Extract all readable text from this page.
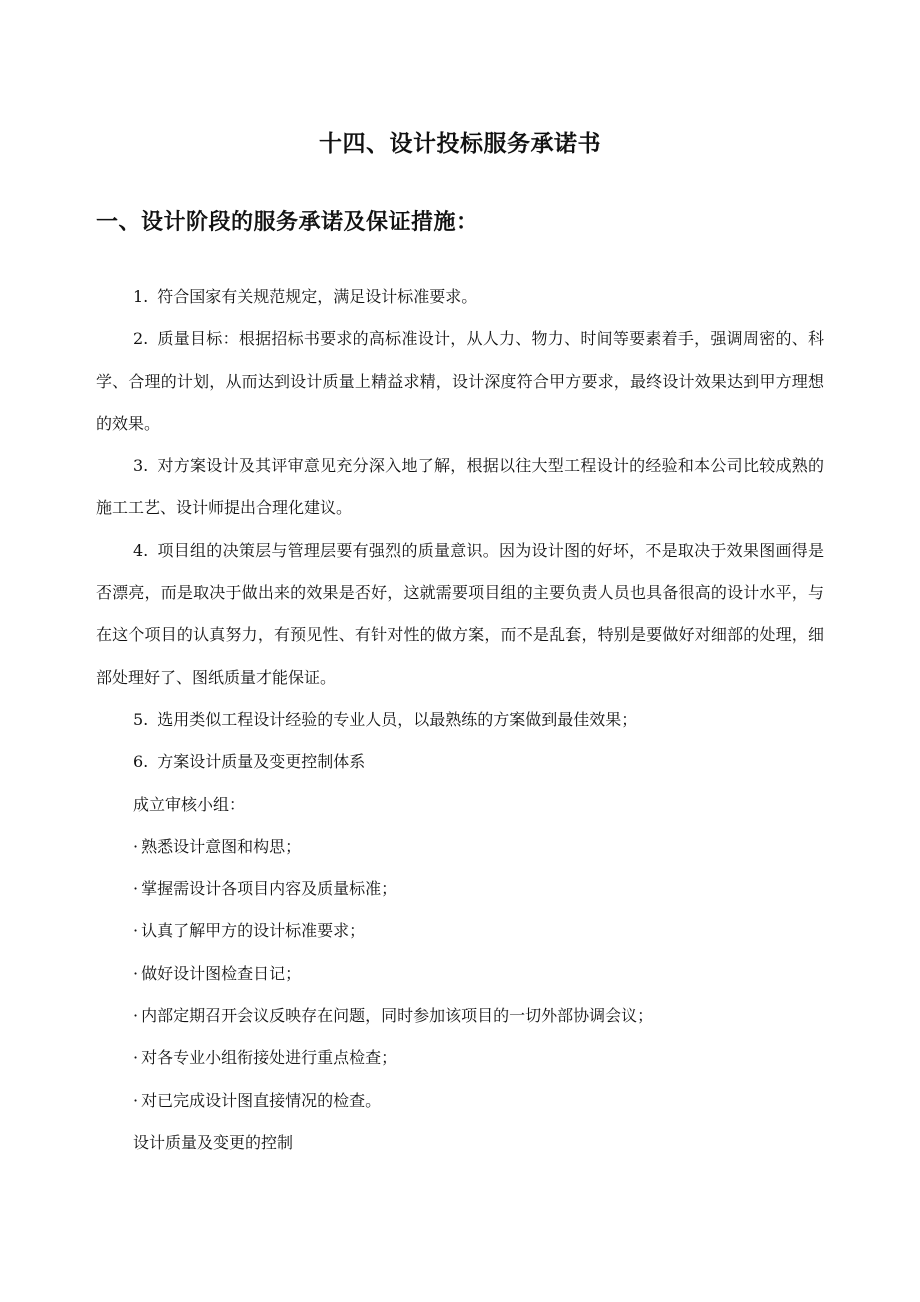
十四、设计投标服务承诺书
一、设计阶段的服务承诺及保证措施：

1. 符合国家有关规范规定，满足设计标准要求。

2. 质量目标：根据招标书要求的高标准设计，从人力、物力、时间等要素着手，强调周密的、科学、合理的计划，从而达到设计质量上精益求精，设计深度符合甲方要求，最终设计效果达到甲方理想的效果。

3. 对方案设计及其评审意见充分深入地了解，根据以往大型工程设计的经验和本公司比较成熟的施工工艺、设计师提出合理化建议。

4. 项目组的决策层与管理层要有强烈的质量意识。因为设计图的好坏，不是取决于效果图画得是否漂亮，而是取决于做出来的效果是否好，这就需要项目组的主要负责人员也具备很高的设计水平，与在这个项目的认真努力，有预见性、有针对性的做方案，而不是乱套，特别是要做好对细部的处理，细部处理好了、图纸质量才能保证。

5. 选用类似工程设计经验的专业人员，以最熟练的方案做到最佳效果；

6. 方案设计质量及变更控制体系

成立审核小组：

· 熟悉设计意图和构思；

· 掌握需设计各项目内容及质量标准；

· 认真了解甲方的设计标准要求；

· 做好设计图检查日记；

· 内部定期召开会议反映存在问题，同时参加该项目的一切外部协调会议；

· 对各专业小组衔接处进行重点检查；

· 对已完成设计图直接情况的检查。

设计质量及变更的控制
